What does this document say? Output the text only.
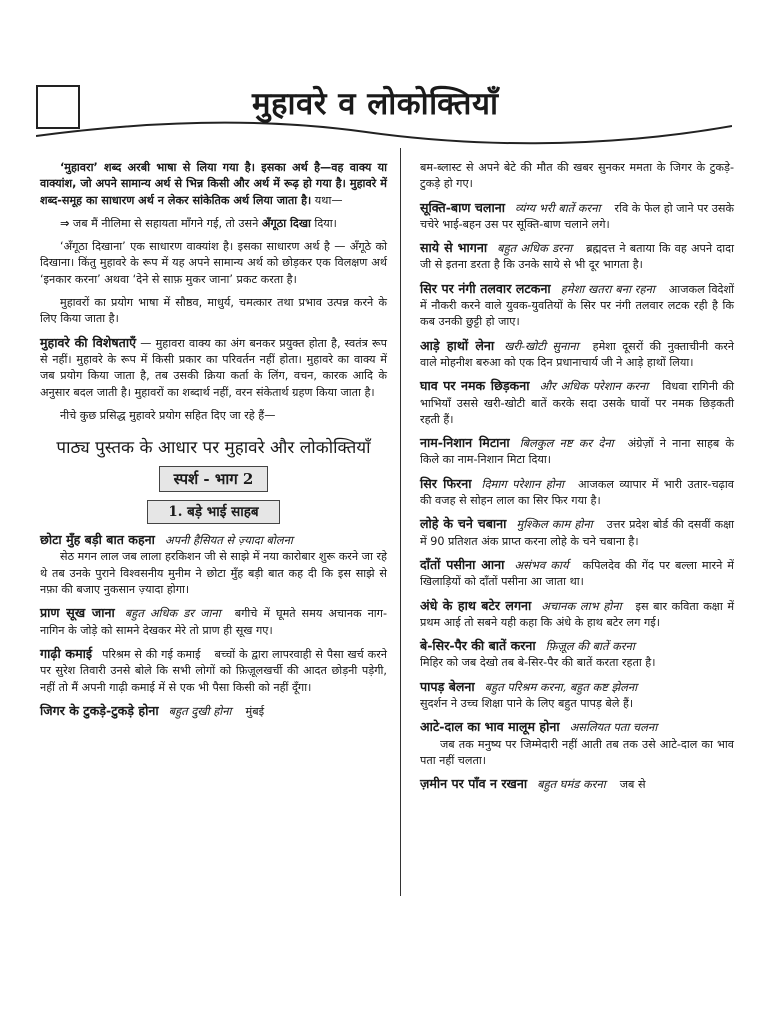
मुहावरे व लोकोक्तियाँ

‘मुहावरा’ शब्द अरबी भाषा से लिया गया है। इसका अर्थ है—वह वाक्य या वाक्यांश, जो अपने सामान्य अर्थ से भिन्न किसी और अर्थ में रूढ़ हो गया है। मुहावरे में शब्द-समूह का साधारण अर्थ न लेकर सांकेतिक अर्थ लिया जाता है। यथा—

⇒ जब मैं नीलिमा से सहायता माँगने गई, तो उसने अँगूठा दिखा दिया।

‘अँगूठा दिखाना’ एक साधारण वाक्यांश है। इसका साधारण अर्थ है — अँगूठे को दिखाना। किंतु मुहावरे के रूप में यह अपने सामान्य अर्थ को छोड़कर एक विलक्षण अर्थ ‘इनकार करना’ अथवा ‘देने से साफ़ मुकर जाना’ प्रकट करता है।

मुहावरों का प्रयोग भाषा में सौष्ठव, माधुर्य, चमत्कार तथा प्रभाव उत्पन्न करने के लिए किया जाता है।

मुहावरे की विशेषताएँ — मुहावरा वाक्य का अंग बनकर प्रयुक्त होता है, स्वतंत्र रूप से नहीं। मुहावरे के रूप में किसी प्रकार का परिवर्तन नहीं होता। मुहावरे का वाक्य में जब प्रयोग किया जाता है, तब उसकी क्रिया कर्ता के लिंग, वचन, कारक आदि के अनुसार बदल जाती है। मुहावरों का शब्दार्थ नहीं, वरन संकेतार्थ ग्रहण किया जाता है।

नीचे कुछ प्रसिद्ध मुहावरे प्रयोग सहित दिए जा रहे हैं—

पाठ्य पुस्तक के आधार पर मुहावरे और लोकोक्तियाँ

स्पर्श - भाग 2

1. बड़े भाई साहब

छोटा मुँह बड़ी बात कहना अपनी हैसियत से ज़्यादा बोलना

सेठ मगन लाल जब लाला हरकिशन जी से साझे में नया कारोबार शुरू करने जा रहे थे तब उनके पुराने विश्वसनीय मुनीम ने छोटा मुँह बड़ी बात कह दी कि इस साझे से नफ़ा की बजाए नुकसान ज़्यादा होगा।

प्राण सूख जाना बहुत अधिक डर जाना बगीचे में घूमते समय अचानक नाग-नागिन के जोड़े को सामने देखकर मेरे तो प्राण ही सूख गए।

गाढ़ी कमाई परिश्रम से की गई कमाई बच्चों के द्वारा लापरवाही से पैसा खर्च करने पर सुरेश तिवारी उनसे बोले कि सभी लोगों को फ़िज़ूलखर्ची की आदत छोड़नी पड़ेगी, नहीं तो मैं अपनी गाढ़ी कमाई में से एक भी पैसा किसी को नहीं दूँगा।

जिगर के टुकड़े-टुकड़े होना बहुत दुखी होना मुंबई

बम-ब्लास्ट से अपने बेटे की मौत की खबर सुनकर ममता के जिगर के टुकड़े-टुकड़े हो गए।

सूक्ति-बाण चलाना व्यंग्य भरी बातें करना रवि के फेल हो जाने पर उसके चचेरे भाई-बहन उस पर सूक्ति-बाण चलाने लगे।

साये से भागना बहुत अधिक डरना ब्रह्मदत्त ने बताया कि वह अपने दादा जी से इतना डरता है कि उनके साये से भी दूर भागता है।

सिर पर नंगी तलवार लटकना हमेशा खतरा बना रहना आजकल विदेशों में नौकरी करने वाले युवक-युवतियों के सिर पर नंगी तलवार लटक रही है कि कब उनकी छुट्टी हो जाए।

आड़े हाथों लेना खरी-खोटी सुनाना हमेशा दूसरों की नुक्ताचीनी करने वाले मोहनीश बरुआ को एक दिन प्रधानाचार्य जी ने आड़े हाथों लिया।

घाव पर नमक छिड़कना और अधिक परेशान करना विधवा रागिनी की भाभियाँ उससे खरी-खोटी बातें करके सदा उसके घावों पर नमक छिड़कती रहती हैं।

नाम-निशान मिटाना बिलकुल नष्ट कर देना अंग्रेज़ों ने नाना साहब के किले का नाम-निशान मिटा दिया।

सिर फिरना दिमाग परेशान होना आजकल व्यापार में भारी उतार-चढ़ाव की वजह से सोहन लाल का सिर फिर गया है।

लोहे के चने चबाना मुश्किल काम होना उत्तर प्रदेश बोर्ड की दसवीं कक्षा में 90 प्रतिशत अंक प्राप्त करना लोहे के चने चबाना है।

दाँतों पसीना आना असंभव कार्य कपिलदेव की गेंद पर बल्ला मारने में खिलाड़ियों को दाँतों पसीना आ जाता था।

अंधे के हाथ बटेर लगना अचानक लाभ होना इस बार कविता कक्षा में प्रथम आई तो सबने यही कहा कि अंधे के हाथ बटेर लग गई।

बे-सिर-पैर की बातें करना फ़िज़ूल की बातें करना
मिहिर को जब देखो तब बे-सिर-पैर की बातें करता रहता है।

पापड़ बेलना बहुत परिश्रम करना, बहुत कष्ट झेलना
सुदर्शन ने उच्च शिक्षा पाने के लिए बहुत पापड़ बेले हैं।

आटे-दाल का भाव मालूम होना असलियत पता चलना

जब तक मनुष्य पर जिम्मेदारी नहीं आती तब तक उसे आटे-दाल का भाव पता नहीं चलता।

ज़मीन पर पाँव न रखना बहुत घमंड करना जब से
